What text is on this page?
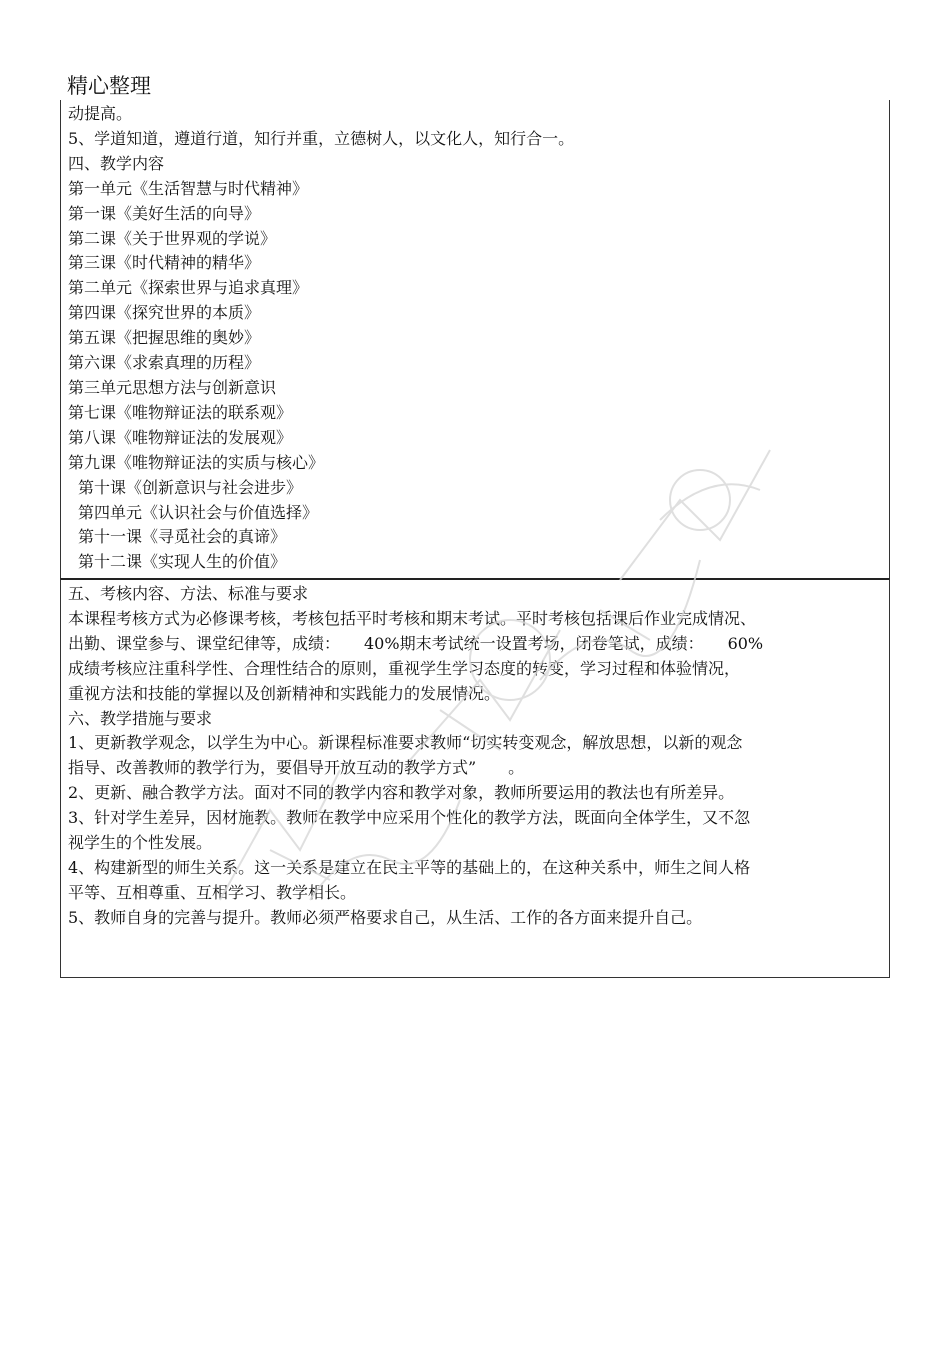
精心整理
动提高。
5、学道知道，遵道行道，知行并重，立德树人，以文化人，知行合一。
四、教学内容
第一单元《生活智慧与时代精神》
第一课《美好生活的向导》
第二课《关于世界观的学说》
第三课《时代精神的精华》
第二单元《探索世界与追求真理》
第四课《探究世界的本质》
第五课《把握思维的奥妙》
第六课《求索真理的历程》
第三单元思想方法与创新意识
第七课《唯物辩证法的联系观》
第八课《唯物辩证法的发展观》
第九课《唯物辩证法的实质与核心》
第十课《创新意识与社会进步》
第四单元《认识社会与价值选择》
第十一课《寻觅社会的真谛》
第十二课《实现人生的价值》
五、考核内容、方法、标准与要求
本课程考核方式为必修课考核，考核包括平时考核和期末考试。平时考核包括课后作业完成情况、
出勤、课堂参与、课堂纪律等，成绩：　　40%期末考试统一设置考场，闭卷笔试，成绩：　　60%
成绩考核应注重科学性、合理性结合的原则，重视学生学习态度的转变，学习过程和体验情况，
重视方法和技能的掌握以及创新精神和实践能力的发展情况。
六、教学措施与要求
1、更新教学观念，以学生为中心。新课程标准要求教师“切实转变观念，解放思想，以新的观念
指导、改善教师的教学行为，要倡导开放互动的教学方式”　　。
2、更新、融合教学方法。面对不同的教学内容和教学对象，教师所要运用的教法也有所差异。
3、针对学生差异，因材施教。教师在教学中应采用个性化的教学方法，既面向全体学生，又不忽
视学生的个性发展。
4、构建新型的师生关系。这一关系是建立在民主平等的基础上的，在这种关系中，师生之间人格
平等、互相尊重、互相学习、教学相长。
5、教师自身的完善与提升。教师必须严格要求自己，从生活、工作的各方面来提升自己。
